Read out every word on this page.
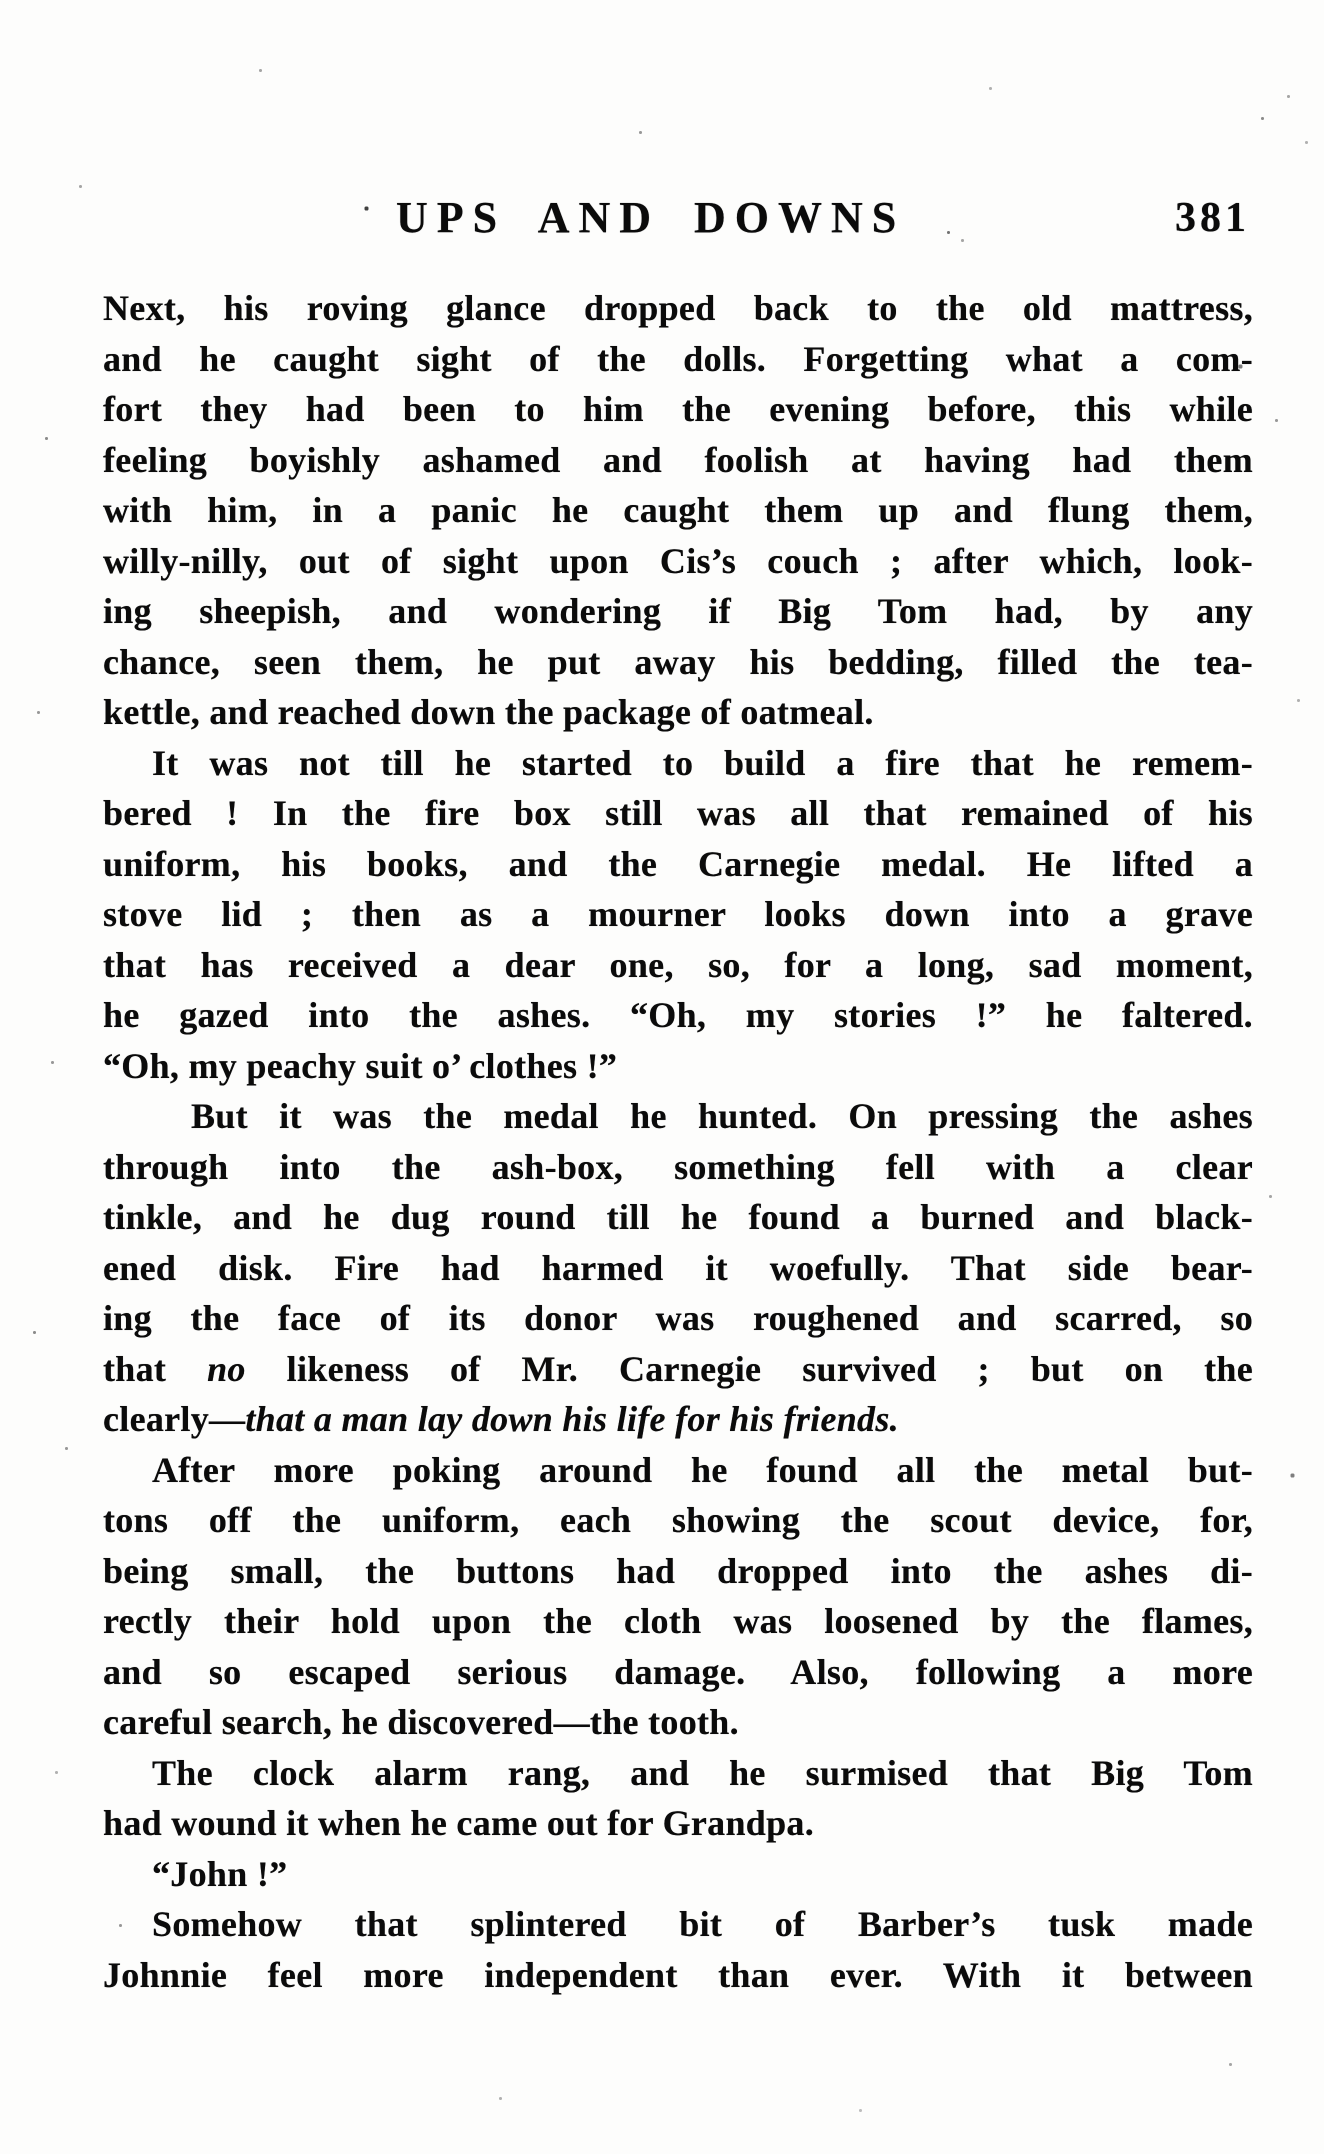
UPS AND DOWNS	381
Next, his roving glance dropped back to the old mattress,
and he caught sight of the dolls. Forgetting what a com-
fort they had been to him the evening before, this while
feeling boyishly ashamed and foolish at having had them
with him, in a panic he caught them up and flung them,
willy-nilly, out of sight upon Cis’s couch ; after which, look-
ing sheepish, and wondering if Big Tom had, by any
chance, seen them, he put away his bedding, filled the tea-
kettle, and reached down the package of oatmeal.
It was not till he started to build a fire that he remem-
bered ! In the fire box still was all that remained of his
uniform, his books, and the Carnegie medal. He lifted a
stove lid ; then as a mourner looks down into a grave
that has received a dear one, so, for a long, sad moment,
he gazed into the ashes. “Oh, my stories !” he faltered.
“Oh, my peachy suit o’ clothes !”
But it was the medal he hunted. On pressing the ashes
through into the ash-box, something fell with a clear
tinkle, and he dug round till he found a burned and black-
ened disk. Fire had harmed it woefully. That side bear-
ing the face of its donor was roughened and scarred, so
that no likeness of Mr. Carnegie survived ; but on the
clearly—that a man lay down his life for his friends.
After more poking around he found all the metal but-
tons off the uniform, each showing the scout device, for,
being small, the buttons had dropped into the ashes di-
rectly their hold upon the cloth was loosened by the flames,
and so escaped serious damage. Also, following a more
careful search, he discovered—the tooth.
The clock alarm rang, and he surmised that Big Tom
had wound it when he came out for Grandpa.
“John !”
Somehow that splintered bit of Barber’s tusk made
Johnnie feel more independent than ever. With it between
